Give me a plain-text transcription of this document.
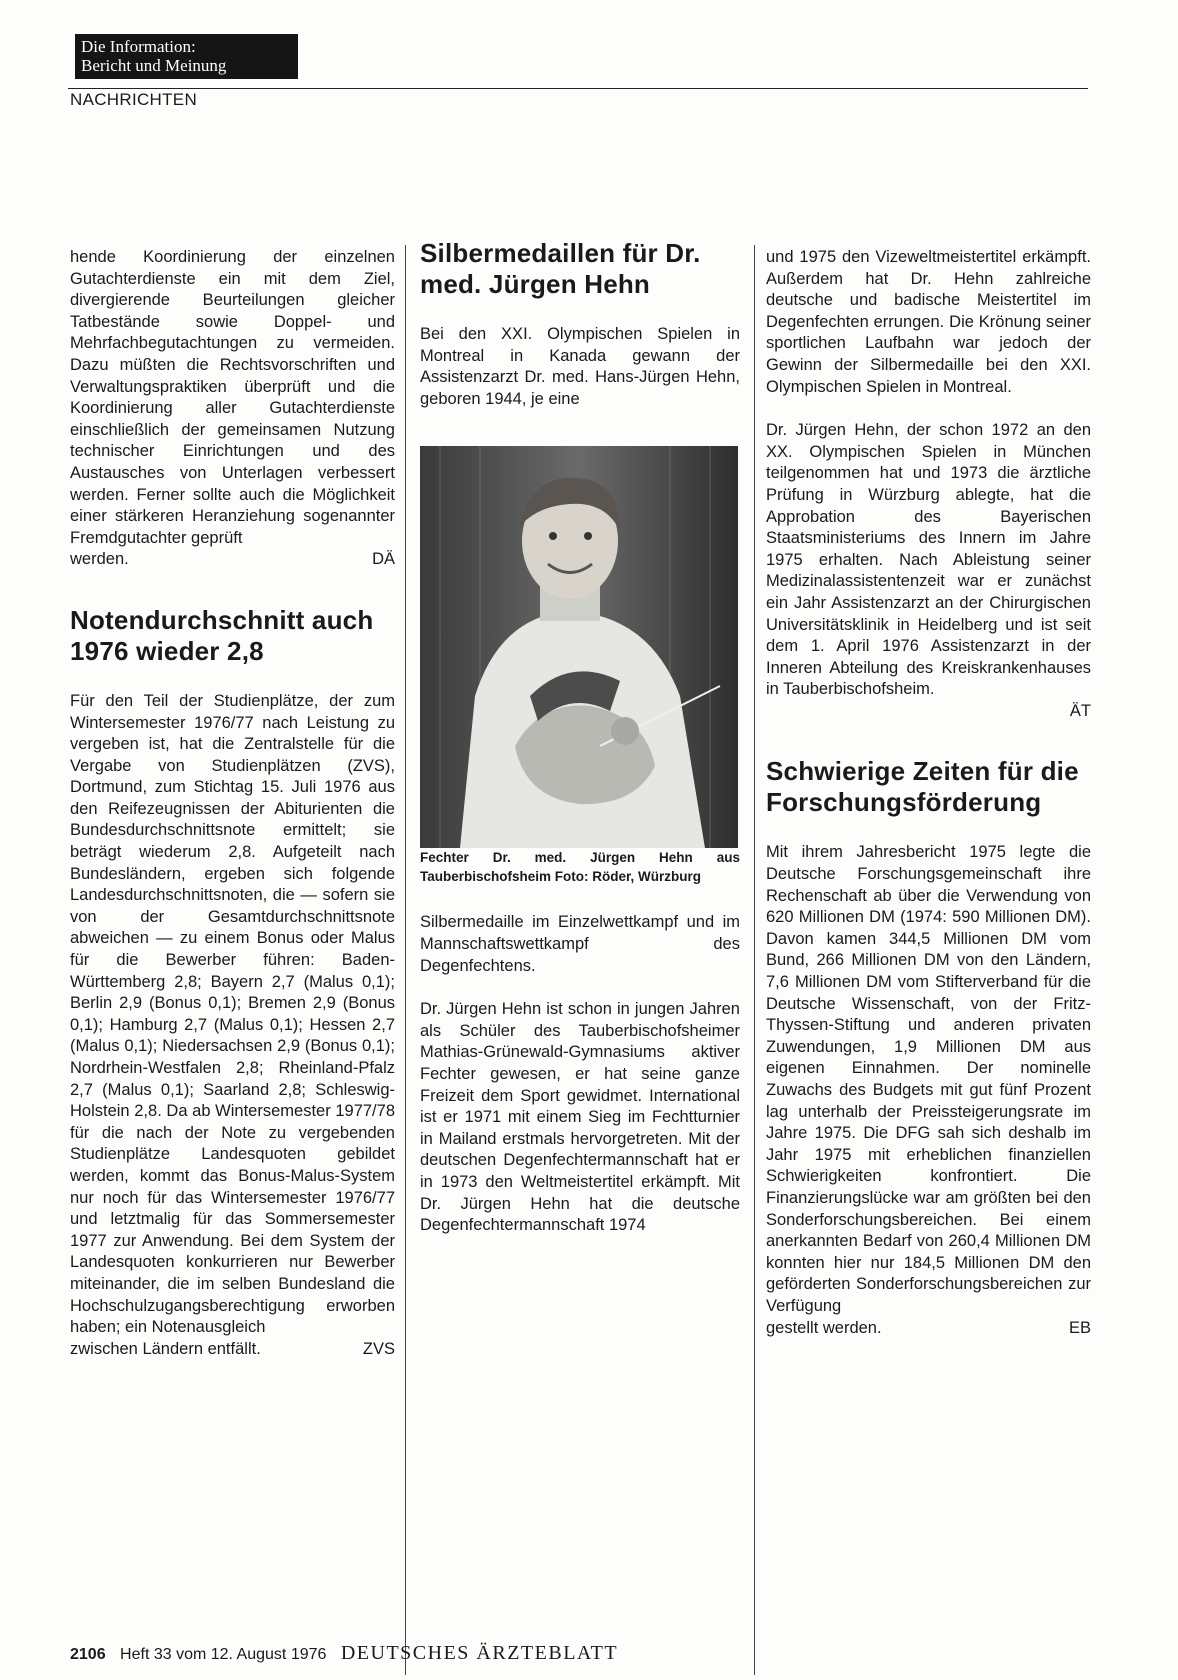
Die Information:
Bericht und Meinung
NACHRICHTEN

hende Koordinierung der einzelnen Gutachterdienste ein mit dem Ziel, divergierende Beurteilungen gleicher Tatbestände sowie Doppel- und Mehrfachbegutachtungen zu vermeiden. Dazu müßten die Rechtsvorschriften und Verwaltungspraktiken überprüft und die Koordinierung aller Gutachterdienste einschließlich der gemeinsamen Nutzung technischer Einrichtungen und des Austausches von Unterlagen verbessert werden. Ferner sollte auch die Möglichkeit einer stärkeren Heranziehung sogenannter Fremdgutachter geprüft

werden.	DÄ
Notendurchschnitt auch 1976 wieder 2,8

Für den Teil der Studienplätze, der zum Wintersemester 1976/77 nach Leistung zu vergeben ist, hat die Zentralstelle für die Vergabe von Studienplätzen (ZVS), Dortmund, zum Stichtag 15. Juli 1976 aus den Reifezeugnissen der Abiturienten die Bundesdurchschnittsnote ermittelt; sie beträgt wiederum 2,8. Aufgeteilt nach Bundesländern, ergeben sich folgende Landesdurchschnittsnoten, die — sofern sie von der Gesamtdurchschnittsnote abweichen — zu einem Bonus oder Malus für die Bewerber führen: Baden-Württemberg 2,8; Bayern 2,7 (Malus 0,1); Berlin 2,9 (Bonus 0,1); Bremen 2,9 (Bonus 0,1); Hamburg 2,7 (Malus 0,1); Hessen 2,7 (Malus 0,1); Niedersachsen 2,9 (Bonus 0,1); Nordrhein-Westfalen 2,8; Rheinland-Pfalz 2,7 (Malus 0,1); Saarland 2,8; Schleswig-Holstein 2,8. Da ab Wintersemester 1977/78 für die nach der Note zu vergebenden Studienplätze Landesquoten gebildet werden, kommt das Bonus-Malus-System nur noch für das Wintersemester 1976/77 und letztmalig für das Sommersemester 1977 zur Anwendung. Bei dem System der Landesquoten konkurrieren nur Bewerber miteinander, die im selben Bundesland die Hochschulzugangsberechtigung erworben haben; ein Notenausgleich

zwischen Ländern entfällt.	ZVS
Silbermedaillen für Dr. med. Jürgen Hehn

Bei den XXI. Olympischen Spielen in Montreal in Kanada gewann der Assistenzarzt Dr. med. Hans-Jürgen Hehn, geboren 1944, je eine

Fechter Dr. med. Jürgen Hehn aus Tauberbischofsheim Foto: Röder, Würzburg

Silbermedaille im Einzelwettkampf und im Mannschaftswettkampf des Degenfechtens.

Dr. Jürgen Hehn ist schon in jungen Jahren als Schüler des Tauberbischofsheimer Mathias-Grünewald-Gymnasiums aktiver Fechter gewesen, er hat seine ganze Freizeit dem Sport gewidmet. International ist er 1971 mit einem Sieg im Fechtturnier in Mailand erstmals hervorgetreten. Mit der deutschen Degenfechtermannschaft hat er in 1973 den Weltmeistertitel erkämpft. Mit Dr. Jürgen Hehn hat die deutsche Degenfechtermannschaft 1974

und 1975 den Vizeweltmeistertitel erkämpft. Außerdem hat Dr. Hehn zahlreiche deutsche und badische Meistertitel im Degenfechten errungen. Die Krönung seiner sportlichen Laufbahn war jedoch der Gewinn der Silbermedaille bei den XXI. Olympischen Spielen in Montreal.

Dr. Jürgen Hehn, der schon 1972 an den XX. Olympischen Spielen in München teilgenommen hat und 1973 die ärztliche Prüfung in Würzburg ablegte, hat die Approbation des Bayerischen Staatsministeriums des Innern im Jahre 1975 erhalten. Nach Ableistung seiner Medizinalassistentenzeit war er zunächst ein Jahr Assistenzarzt an der Chirurgischen Universitätsklinik in Heidelberg und ist seit dem 1. April 1976 Assistenzarzt in der Inneren Abteilung des Kreiskrankenhauses in Tauberbischofsheim.

ÄT
Schwierige Zeiten für die Forschungsförderung

Mit ihrem Jahresbericht 1975 legte die Deutsche Forschungsgemeinschaft ihre Rechenschaft ab über die Verwendung von 620 Millionen DM (1974: 590 Millionen DM). Davon kamen 344,5 Millionen DM vom Bund, 266 Millionen DM von den Ländern, 7,6 Millionen DM vom Stifterverband für die Deutsche Wissenschaft, von der Fritz-Thyssen-Stiftung und anderen privaten Zuwendungen, 1,9 Millionen DM aus eigenen Einnahmen. Der nominelle Zuwachs des Budgets mit gut fünf Prozent lag unterhalb der Preissteigerungsrate im Jahre 1975. Die DFG sah sich deshalb im Jahr 1975 mit erheblichen finanziellen Schwierigkeiten konfrontiert. Die Finanzierungslücke war am größten bei den Sonderforschungsbereichen. Bei einem anerkannten Bedarf von 260,4 Millionen DM konnten hier nur 184,5 Millionen DM den geförderten Sonderforschungsbereichen zur Verfügung

gestellt werden.	EB
2106 Heft 33 vom 12. August 1976 DEUTSCHES ÄRZTEBLATT
